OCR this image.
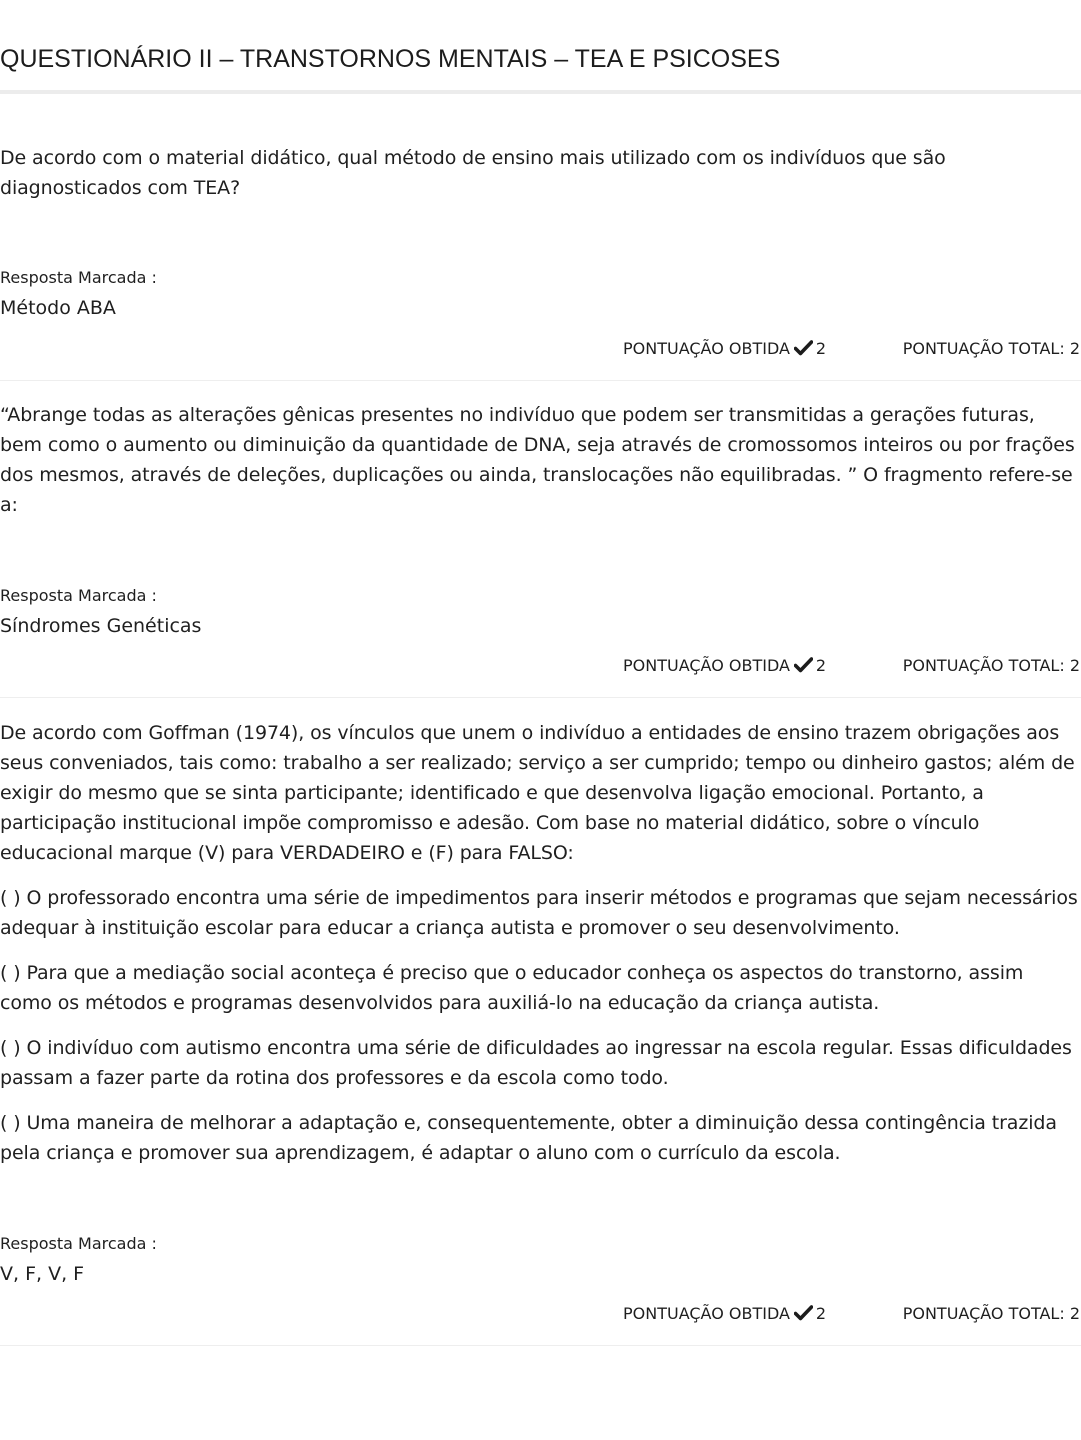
QUESTIONÁRIO II – TRANSTORNOS MENTAIS – TEA E PSICOSES

De acordo com o material didático, qual método de ensino mais utilizado com os indivíduos que são diagnosticados com TEA?

Resposta Marcada :
Método ABA
PONTUAÇÃO OBTIDA 2	PONTUAÇÃO TOTAL: 2

“Abrange todas as alterações gênicas presentes no indivíduo que podem ser transmitidas a gerações futuras, bem como o aumento ou diminuição da quantidade de DNA, seja através de cromossomos inteiros ou por frações dos mesmos, através de deleções, duplicações ou ainda, translocações não equilibradas. ” O fragmento refere-se a:

Resposta Marcada :
Síndromes Genéticas
PONTUAÇÃO OBTIDA 2	PONTUAÇÃO TOTAL: 2

De acordo com Goffman (1974), os vínculos que unem o indivíduo a entidades de ensino trazem obrigações aos seus conveniados, tais como: trabalho a ser realizado; serviço a ser cumprido; tempo ou dinheiro gastos; além de exigir do mesmo que se sinta participante; identificado e que desenvolva ligação emocional. Portanto, a participação institucional impõe compromisso e adesão. Com base no material didático, sobre o vínculo educacional marque (V) para VERDADEIRO e (F) para FALSO:

( ) O professorado encontra uma série de impedimentos para inserir métodos e programas que sejam necessários adequar à instituição escolar para educar a criança autista e promover o seu desenvolvimento.

( ) Para que a mediação social aconteça é preciso que o educador conheça os aspectos do transtorno, assim como os métodos e programas desenvolvidos para auxiliá-lo na educação da criança autista.

( ) O indivíduo com autismo encontra uma série de dificuldades ao ingressar na escola regular. Essas dificuldades passam a fazer parte da rotina dos professores e da escola como todo.

( ) Uma maneira de melhorar a adaptação e, consequentemente, obter a diminuição dessa contingência trazida pela criança e promover sua aprendizagem, é adaptar o aluno com o currículo da escola.

Resposta Marcada :
V, F, V, F
PONTUAÇÃO OBTIDA 2	PONTUAÇÃO TOTAL: 2
